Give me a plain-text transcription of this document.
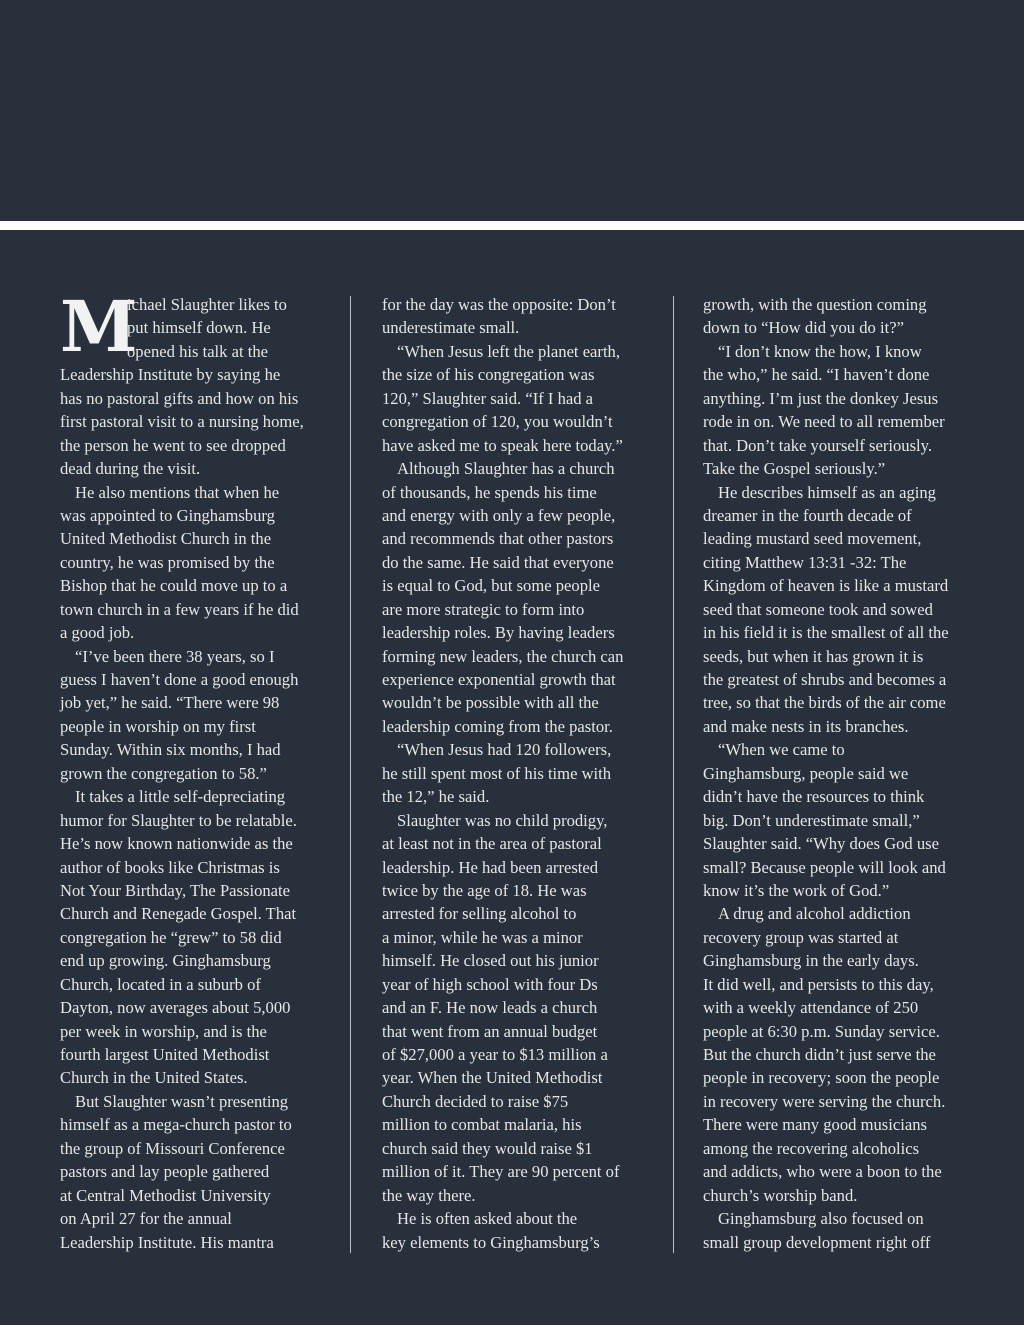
M
ichael Slaughter likes to
put himself down. He
opened his talk at the
Leadership Institute by saying he
has no pastoral gifts and how on his
first pastoral visit to a nursing home,
the person he went to see dropped
dead during the visit.
He also mentions that when he
was appointed to Ginghamsburg
United Methodist Church in the
country, he was promised by the
Bishop that he could move up to a
town church in a few years if he did
a good job.
“I’ve been there 38 years, so I
guess I haven’t done a good enough
job yet,” he said. “There were 98
people in worship on my first
Sunday. Within six months, I had
grown the congregation to 58.”
It takes a little self-depreciating
humor for Slaughter to be relatable.
He’s now known nationwide as the
author of books like Christmas is
Not Your Birthday, The Passionate
Church and Renegade Gospel. That
congregation he “grew” to 58 did
end up growing. Ginghamsburg
Church, located in a suburb of
Dayton, now averages about 5,000
per week in worship, and is the
fourth largest United Methodist
Church in the United States.
But Slaughter wasn’t presenting
himself as a mega-church pastor to
the group of Missouri Conference
pastors and lay people gathered
at Central Methodist University
on April 27 for the annual
Leadership Institute. His mantra
for the day was the opposite: Don’t
underestimate small.
“When Jesus left the planet earth,
the size of his congregation was
120,” Slaughter said. “If I had a
congregation of 120, you wouldn’t
have asked me to speak here today.”
Although Slaughter has a church
of thousands, he spends his time
and energy with only a few people,
and recommends that other pastors
do the same. He said that everyone
is equal to God, but some people
are more strategic to form into
leadership roles. By having leaders
forming new leaders, the church can
experience exponential growth that
wouldn’t be possible with all the
leadership coming from the pastor.
“When Jesus had 120 followers,
he still spent most of his time with
the 12,” he said.
Slaughter was no child prodigy,
at least not in the area of pastoral
leadership. He had been arrested
twice by the age of 18. He was
arrested for selling alcohol to
a minor, while he was a minor
himself. He closed out his junior
year of high school with four Ds
and an F. He now leads a church
that went from an annual budget
of $27,000 a year to $13 million a
year. When the United Methodist
Church decided to raise $75
million to combat malaria, his
church said they would raise $1
million of it. They are 90 percent of
the way there.
He is often asked about the
key elements to Ginghamsburg’s
growth, with the question coming
down to “How did you do it?”
“I don’t know the how, I know
the who,” he said. “I haven’t done
anything. I’m just the donkey Jesus
rode in on. We need to all remember
that. Don’t take yourself seriously.
Take the Gospel seriously.”
He describes himself as an aging
dreamer in the fourth decade of
leading mustard seed movement,
citing Matthew 13:31 -32: The
Kingdom of heaven is like a mustard
seed that someone took and sowed
in his field it is the smallest of all the
seeds, but when it has grown it is
the greatest of shrubs and becomes a
tree, so that the birds of the air come
and make nests in its branches.
“When we came to
Ginghamsburg, people said we
didn’t have the resources to think
big. Don’t underestimate small,”
Slaughter said. “Why does God use
small? Because people will look and
know it’s the work of God.”
A drug and alcohol addiction
recovery group was started at
Ginghamsburg in the early days.
It did well, and persists to this day,
with a weekly attendance of 250
people at 6:30 p.m. Sunday service.
But the church didn’t just serve the
people in recovery; soon the people
in recovery were serving the church.
There were many good musicians
among the recovering alcoholics
and addicts, who were a boon to the
church’s worship band.
Ginghamsburg also focused on
small group development right off
